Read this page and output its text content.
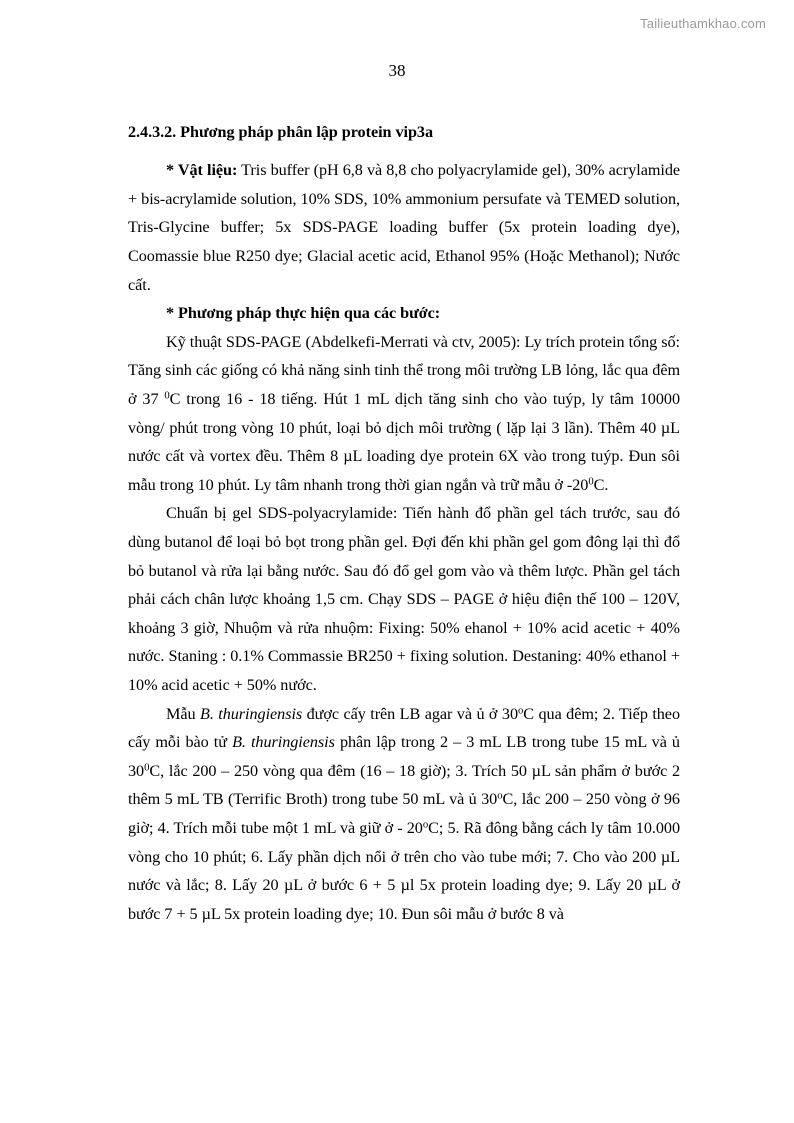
Tailieuthamkhao.com
38

2.4.3.2. Phương pháp phân lập protein vip3a

* Vật liệu: Tris buffer (pH 6,8 và 8,8 cho polyacrylamide gel), 30% acrylamide + bis-acrylamide solution, 10% SDS, 10% ammonium persufate và TEMED solution, Tris-Glycine buffer; 5x SDS-PAGE loading buffer (5x protein loading dye), Coomassie blue R250 dye; Glacial acetic acid, Ethanol 95% (Hoặc Methanol); Nước cất.

* Phương pháp thực hiện qua các bước:

Kỹ thuật SDS-PAGE (Abdelkefi-Merrati và ctv, 2005): Ly trích protein tổng số: Tăng sinh các giống có khả năng sinh tinh thể trong môi trường LB lỏng, lắc qua đêm ở 37 $^0$C trong 16 - 18 tiếng. Hút 1 mL dịch tăng sinh cho vào tuýp, ly tâm 10000 vòng/ phút trong vòng 10 phút, loại bỏ dịch môi trường ( lặp lại 3 lần). Thêm 40 µL nước cất và vortex đều. Thêm 8 µL loading dye protein 6X vào trong tuýp. Đun sôi mẫu trong 10 phút. Ly tâm nhanh trong thời gian ngắn và trữ mẫu ở $-20^0C$.

Chuẩn bị gel SDS-polyacrylamide: Tiến hành đổ phần gel tách trước, sau đó dùng butanol để loại bỏ bọt trong phần gel. Đợi đến khi phần gel gom đông lại thì đổ bỏ butanol và rửa lại bằng nước. Sau đó đổ gel gom vào và thêm lược. Phần gel tách phải cách chân lược khoảng 1,5 cm. Chạy SDS – PAGE ở hiệu điện thế 100 – 120V, khoảng 3 giờ, Nhuộm và rửa nhuộm: Fixing: 50% ehanol + 10% acid acetic + 40% nước. Staning : 0.1% Commassie BR250 + fixing solution. Destaning: 40% ethanol + 10% acid acetic + 50% nước.

Mẫu B. thuringiensis được cấy trên LB agar và ủ ở 30$^o$C qua đêm; 2. Tiếp theo cấy mỗi bào tử B. thuringiensis phân lập trong 2 – 3 mL LB trong tube 15 mL và ủ $30^0C$, lắc 200 – 250 vòng qua đêm (16 – 18 giờ); 3. Trích 50 µL sản phẩm ở bước 2 thêm 5 mL TB (Terrific Broth) trong tube 50 mL và ủ 30$^o$C, lắc 200 – 250 vòng ở 96 giờ; 4. Trích mỗi tube một 1 mL và giữ ở - 20$^o$C; 5. Rã đông bằng cách ly tâm 10.000 vòng cho 10 phút; 6. Lấy phần dịch nổi ở trên cho vào tube mới; 7. Cho vào 200 µL nước và lắc; 8. Lấy 20 µL ở bước 6 + 5 µl 5x protein loading dye; 9. Lấy 20 µL ở bước 7 + 5 µL 5x protein loading dye; 10. Đun sôi mẫu ở bước 8 và
